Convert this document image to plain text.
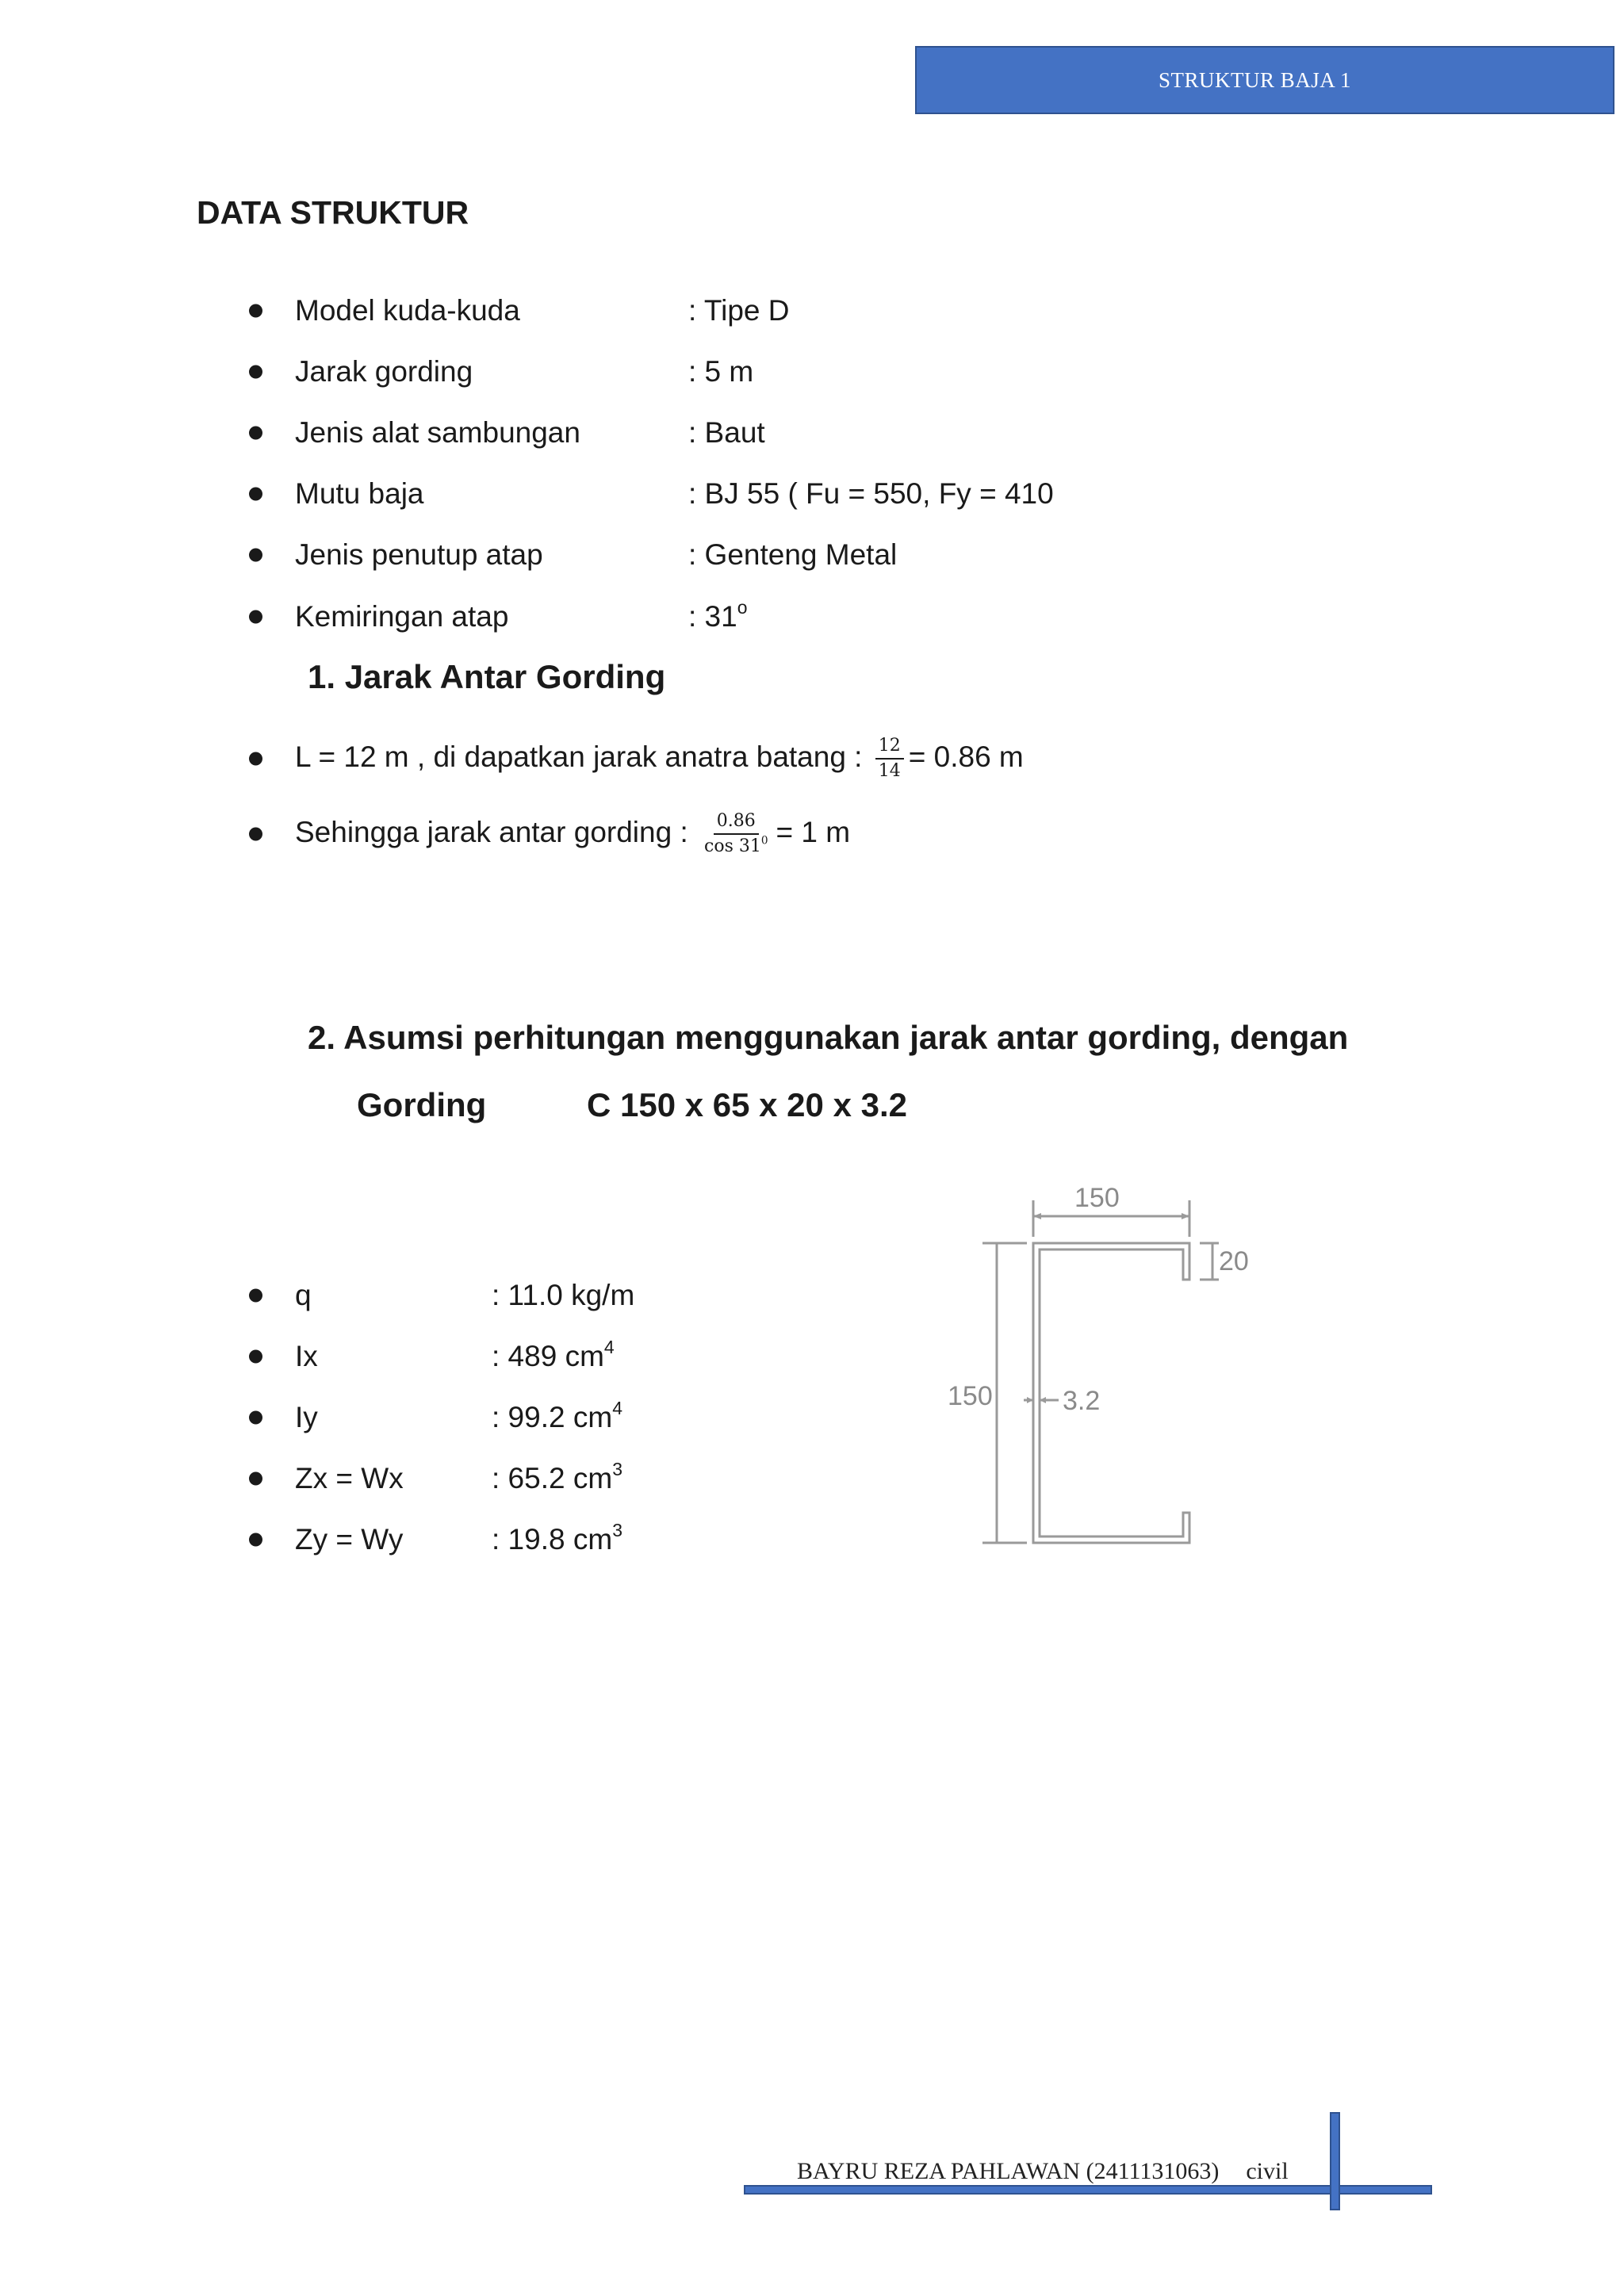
STRUKTUR BAJA 1
DATA STRUKTUR
Model kuda-kuda	: Tipe D
Jarak gording	: 5 m
Jenis alat sambungan	: Baut
Mutu baja	: BJ 55 ( Fu = 550, Fy = 410
Jenis penutup atap	: Genteng Metal
Kemiringan atap	: 31$^o$
1. Jarak Antar Gording
L = 12 m , di dapatkan jarak anatra batang : $\frac{12}{14} = 0.86$ m
Sehingga jarak antar gording : $\frac{0.86}{\cos 31^0} = 1$ m
2. Asumsi perhitungan menggunakan jarak antar gording, dengan
Gording	C 150 x 65 x 20 x 3.2
q	: 11.0 kg/m
Ix	: 489 $cm^4$
Iy	: 99.2 $cm^4$
Zx = Wx	: 65.2 $cm^3$
Zy = Wy	: 19.8 $cm^3$
150
20
150	3.2
BAYRU REZA PAHLAWAN (2411131063) civil
